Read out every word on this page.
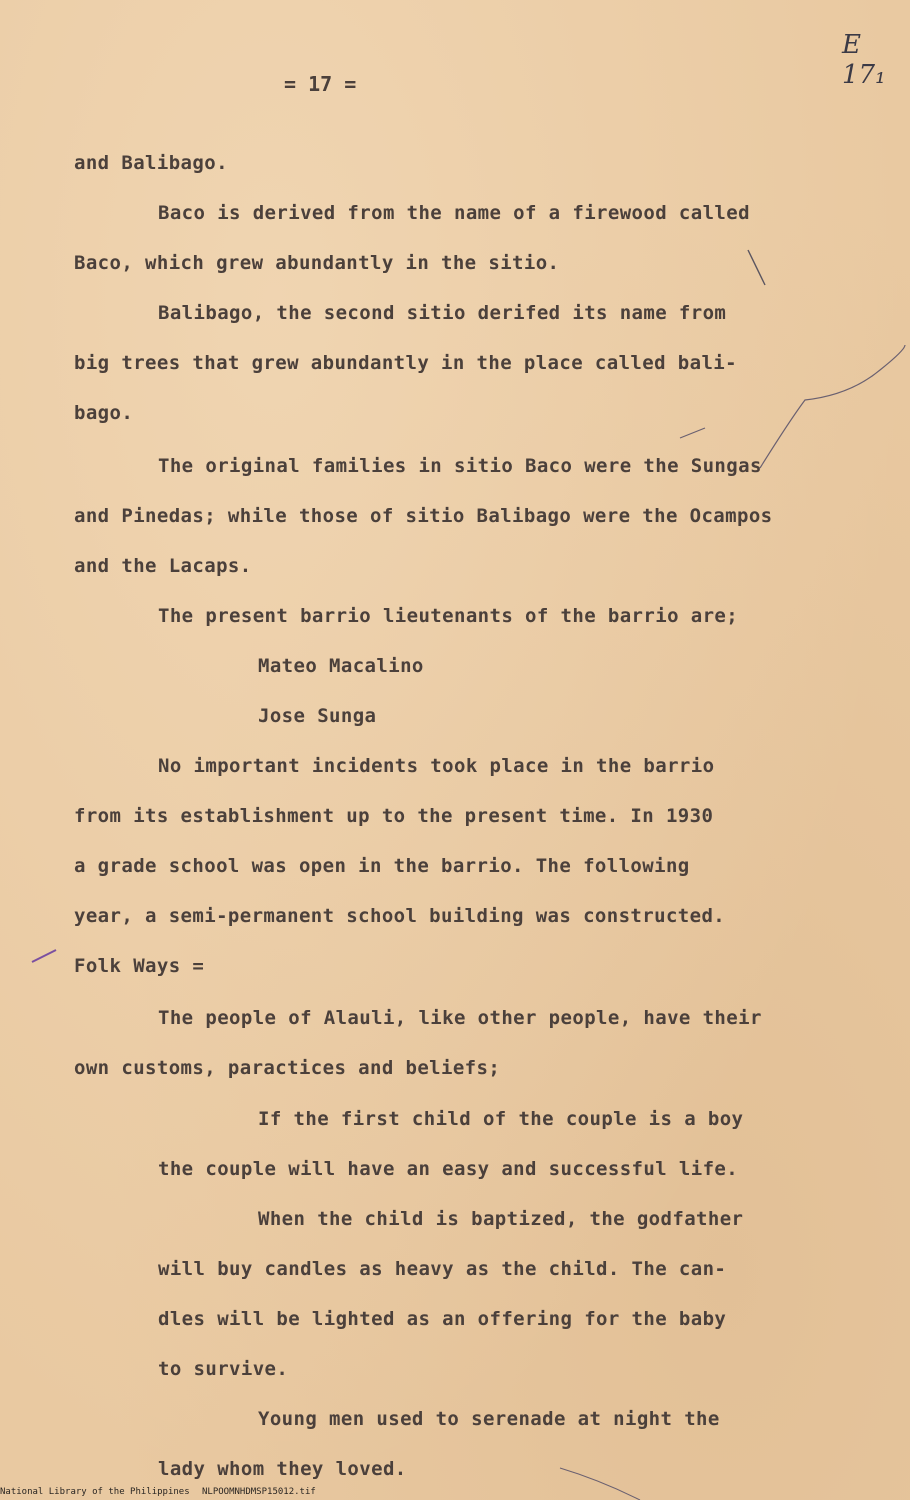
= 17 =
E 17₁
and Balibago.
Baco is derived from the name of a firewood called
Baco, which grew abundantly in the sitio.
Balibago, the second sitio derifed its name from
big trees that grew abundantly in the place called bali-
bago.
The original families in sitio Baco were the Sungas
and Pinedas; while those of sitio Balibago were the Ocampos
and the Lacaps.
The present barrio lieutenants of the barrio are;
Mateo Macalino
Jose Sunga
No important incidents took place in the barrio
from its establishment up to the present time. In 1930
a grade school was open in the barrio. The following
year, a semi-permanent school building was constructed.
Folk Ways =
The people of Alauli, like other people, have their
own customs, paractices and beliefs;
If the first child of the couple is a boy
the couple will have an easy and successful life.
When the child is baptized, the godfather
will buy candles as heavy as the child. The can-
dles will be lighted as an offering for the baby
to survive.
Young men used to serenade at night the
lady whom they loved.
National Library of the Philippines NLPOOMNHDMSP15012.tif
